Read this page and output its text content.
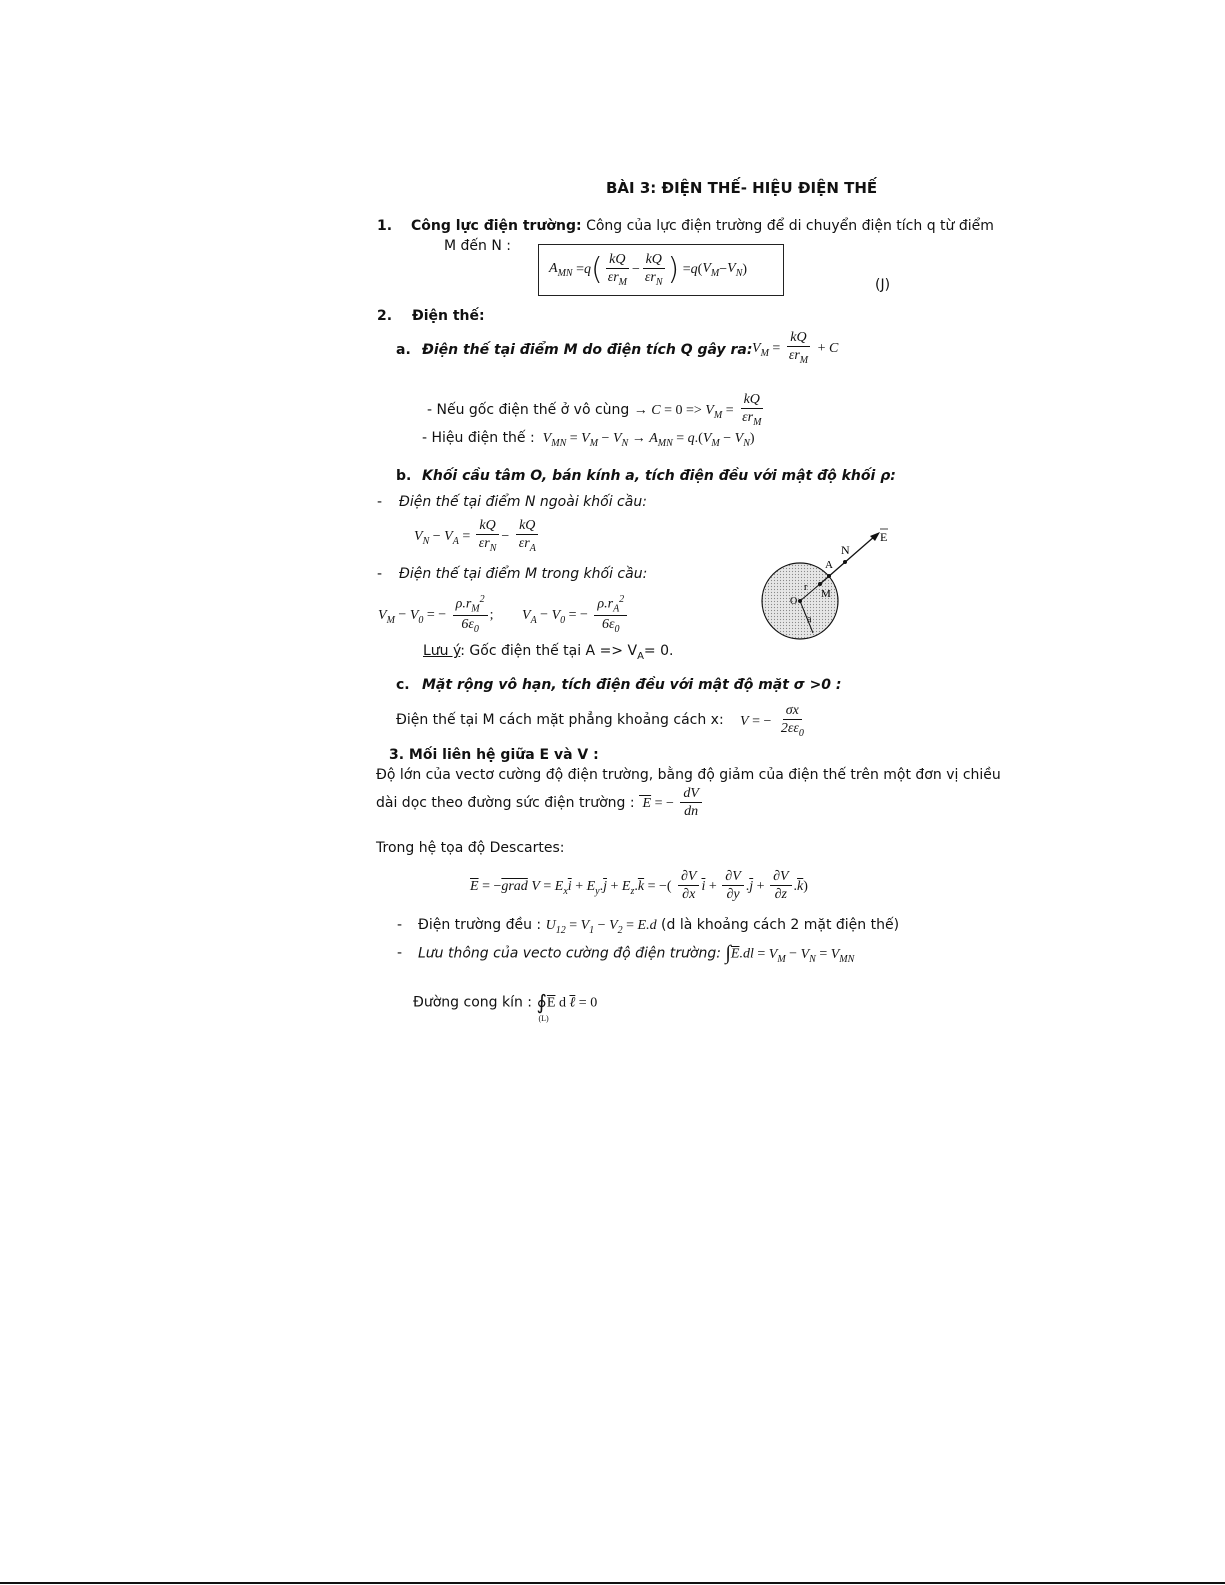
BÀI 3: ĐIỆN THẾ- HIỆU ĐIỆN THẾ
1. Công lực điện trường: Công của lực điện trường để di chuyển điện tích q từ điểm
M đến N :
$A_{MN} = q$ ( $\frac{kQ}{\varepsilon r_M} - \frac{kQ}{\varepsilon r_N}$ ) = q ( $V_M - V_N$ )
(J)
2. Điện thế:
a. Điện thế tại điểm M do điện tích Q gây ra: $V_M = \frac{kQ}{\varepsilon r_M} + C$
- Nếu gốc điện thế ở vô cùng → $C = 0 => V_M = \frac{kQ}{\varepsilon r_M}$
- Hiệu điện thế :  $V_{MN} = V_M - V_N \to A_{MN} = q.(V_M - V_N)$
b. Khối cầu tâm O, bán kính a, tích điện đều với mật độ khối ρ:
- Điện thế tại điểm N ngoài khối cầu:
$V_N - V_A = \frac{kQ}{\varepsilon r_N} - \frac{kQ}{\varepsilon r_A}$
- Điện thế tại điểm M trong khối cầu:
$V_M - V_0$ = − $\frac{\rho.r_M^2}{6\varepsilon_0}$ ; $V_A - V_0$ = − $\frac{\rho.r_A^2}{6\varepsilon_0}$
Lưu ý: Gốc điện thế tại $A => V_A= 0$.
N
A
M
O
r
a
E
c. Mặt rộng vô hạn, tích điện đều với mật độ mặt σ >0 :
Điện thế tại M cách mặt phẳng khoảng cách x: V = − $\frac{\sigma x}{2\varepsilon\varepsilon_0}$
3. Mối liên hệ giữa E và V :
Độ lớn của vectơ cường độ điện trường, bằng độ giảm của điện thế trên một đơn vị chiều
dài dọc theo đường sức điện trường :  E = − $\frac{dV}{dn}$
Trong hệ tọa độ Descartes:
$\overline{E}$ = −grad $V = E_x\overline{i} + E_y.\overline{j} + E_z.\overline{k}$ = −( $\frac{\partial V}{\partial x} \overline{i} + \frac{\partial V}{\partial y} .\overline{j} + \frac{\partial V}{\partial z} .\overline{k}$)
- Điện trường đều : $U_{12} = V_1 - V_2 = E.d$ (d là khoảng cách 2 mặt điện thế)
- Lưu thông của vecto cường độ điện trường: $\int\overline{E}.dl = V_M - V_N = V_{MN}$
Đường cong kín : ∮
(L)
$\overline{E}$ d ℓ = 0
